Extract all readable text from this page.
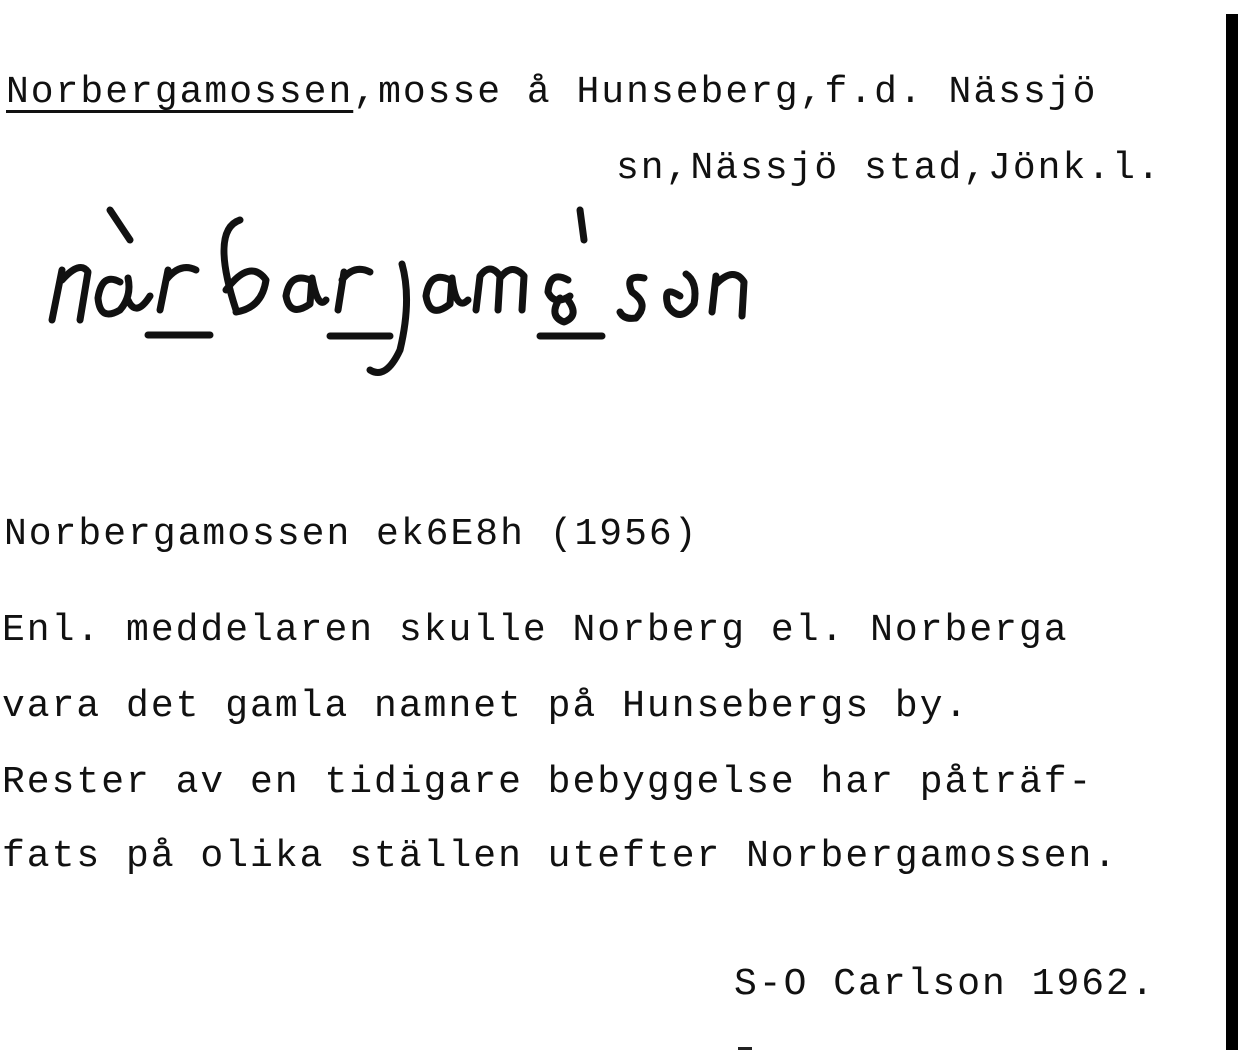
Norbergamossen,mosse å Hunseberg,f.d. Nässjö
sn,Nässjö stad,Jönk.l.
Norbergamossen ek6E8h (1956)
Enl. meddelaren skulle Norberg el. Norberga
vara det gamla namnet på Hunsebergs by.
Rester av en tidigare bebyggelse har påträf-
fats på olika ställen utefter Norbergamossen.
S-O Carlson 1962.
